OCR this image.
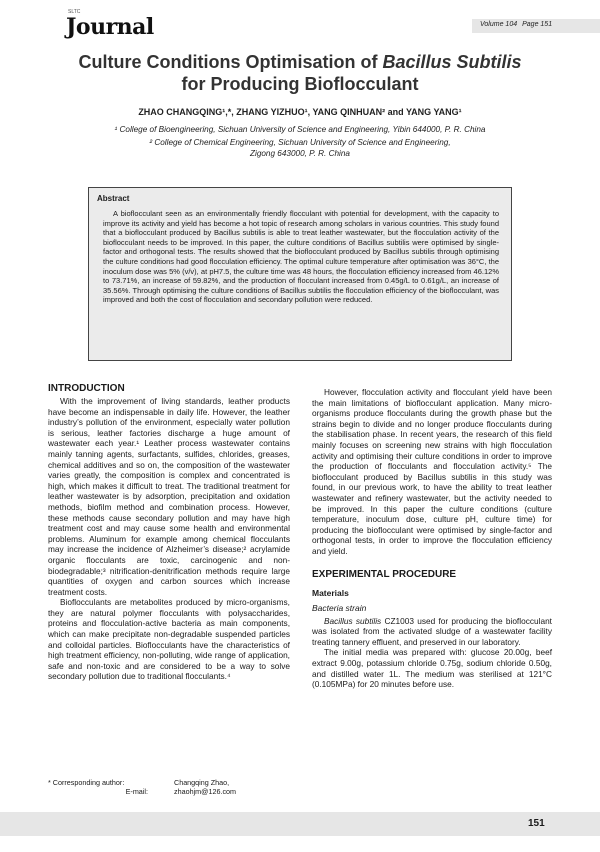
SLTC
Journal	Volume 104 Page 151
Culture Conditions Optimisation of Bacillus Subtilis
for Producing Bioflocculant
ZHAO CHANGQING¹,*, ZHANG YIZHUO¹, YANG QINHUAN² and YANG YANG¹
¹ College of Bioengineering, Sichuan University of Science and Engineering, Yibin 644000, P. R. China
² College of Chemical Engineering, Sichuan University of Science and Engineering,
Zigong 643000, P. R. China
Abstract
A bioflocculant seen as an environmentally friendly flocculant with potential for development, with the capacity to improve its activity and yield has become a hot topic of research among scholars in various countries. This study found that a bioflocculant produced by Bacillus subtilis is able to treat leather wastewater, but the flocculation activity of the bioflocculant needs to be improved. In this paper, the culture conditions of Bacillus subtilis were optimised by single-factor and orthogonal tests. The results showed that the bioflocculant produced by Bacillus subtilis through optimising the culture conditions had good flocculation efficiency. The optimal culture temperature after optimisation was 36°C, the inoculum dose was 5% (v/v), at pH7.5, the culture time was 48 hours, the flocculation efficiency increased from 46.12% to 73.71%, an increase of 59.82%, and the production of flocculant increased from 0.45g/L to 0.61g/L, an increase of 35.56%. Through optimising the culture conditions of Bacillus subtilis the flocculation efficiency of the bioflocculant, was improved and both the cost of flocculation and secondary pollution were reduced.
INTRODUCTION

With the improvement of living standards, leather products have become an indispensable in daily life. However, the leather industry’s pollution of the environment, especially water pollution is serious, leather factories discharge a huge amount of wastewater each year.¹ Leather process wastewater contains mainly tanning agents, surfactants, sulfides, chlorides, greases, chemical additives and so on, the composition of the wastewater varies greatly, the composition is complex and concentrated is high, which makes it difficult to treat. The traditional treatment for leather wastewater is by adsorption, precipitation and oxidation methods, biofilm method and combination process. However, these methods cause secondary pollution and may have high treatment cost and may cause some health and environmental problems. Aluminum for example among chemical flocculants may increase the incidence of Alzheimer’s disease;² acrylamide organic flocculants are toxic, carcinogenic and non-biodegradable;³ nitrification-denitrification methods require large quantities of oxygen and carbon sources which increase treatment costs.

Bioflocculants are metabolites produced by micro-organisms, they are natural polymer flocculants with polysaccharides, proteins and flocculation-active bacteria as main components, which can make precipitate non-degradable suspended particles and colloidal particles. Bioflocculants have the characteristics of high treatment efficiency, non-polluting, wide range of application, safe and non-toxic and are considered to be a way to solve secondary pollution due to traditional flocculants.⁴

However, flocculation activity and flocculant yield have been the main limitations of bioflocculant application. Many micro-organisms produce flocculants during the growth phase but the strains begin to divide and no longer produce flocculants during the stabilisation phase. In recent years, the research of this field mainly focuses on screening new strains with high flocculation activity and optimising their culture conditions in order to improve the production of flocculants and flocculation activity.⁵ The bioflocculant produced by Bacillus subtilis in this study was found, in our previous work, to have the ability to treat leather wastewater and refinery wastewater, but the activity needed to be improved. In this paper the culture conditions (culture temperature, inoculum dose, culture pH, culture time) for producing the bioflocculant were optimised by single-factor and orthogonal tests, in order to improve the flocculation efficiency and yield.

EXPERIMENTAL PROCEDURE
Materials
Bacteria strain

Bacillus subtilis CZ1003 used for producing the bioflocculant was isolated from the activated sludge of a wastewater facility treating tannery effluent, and preserved in our laboratory.

The initial media was prepared with: glucose 20.00g, beef extract 9.00g, potassium chloride 0.75g, sodium chloride 0.50g, and distilled water 1L. The medium was sterilised at 121°C (0.105MPa) for 20 minutes before use.

* Corresponding author:	Changqing Zhao,
E-mail:	zhaohjm@126.com
151
